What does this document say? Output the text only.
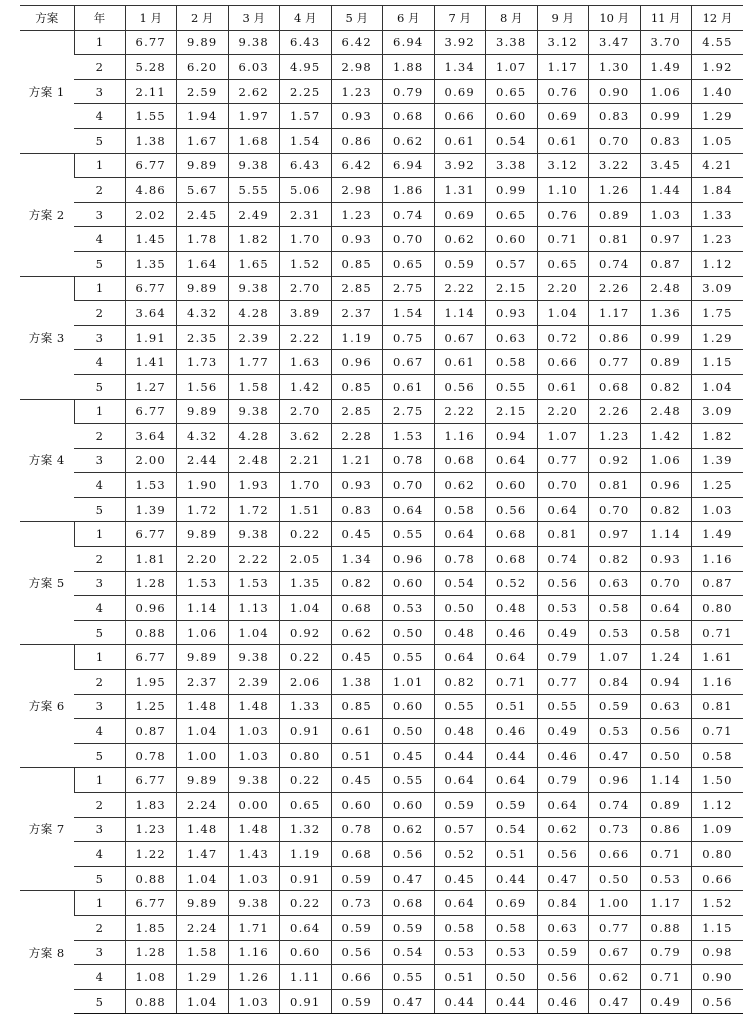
方案	年	1 月	2 月	3 月	4 月	5 月	6 月	7 月	8 月	9 月	10 月	11 月	12 月
方案 1	1	6.77	9.89	9.38	6.43	6.42	6.94	3.92	3.38	3.12	3.47	3.70	4.55
	2	5.28	6.20	6.03	4.95	2.98	1.88	1.34	1.07	1.17	1.30	1.49	1.92
	3	2.11	2.59	2.62	2.25	1.23	0.79	0.69	0.65	0.76	0.90	1.06	1.40
	4	1.55	1.94	1.97	1.57	0.93	0.68	0.66	0.60	0.69	0.83	0.99	1.29
	5	1.38	1.67	1.68	1.54	0.86	0.62	0.61	0.54	0.61	0.70	0.83	1.05
方案 2	1	6.77	9.89	9.38	6.43	6.42	6.94	3.92	3.38	3.12	3.22	3.45	4.21
	2	4.86	5.67	5.55	5.06	2.98	1.86	1.31	0.99	1.10	1.26	1.44	1.84
	3	2.02	2.45	2.49	2.31	1.23	0.74	0.69	0.65	0.76	0.89	1.03	1.33
	4	1.45	1.78	1.82	1.70	0.93	0.70	0.62	0.60	0.71	0.81	0.97	1.23
	5	1.35	1.64	1.65	1.52	0.85	0.65	0.59	0.57	0.65	0.74	0.87	1.12
方案 3	1	6.77	9.89	9.38	2.70	2.85	2.75	2.22	2.15	2.20	2.26	2.48	3.09
	2	3.64	4.32	4.28	3.89	2.37	1.54	1.14	0.93	1.04	1.17	1.36	1.75
	3	1.91	2.35	2.39	2.22	1.19	0.75	0.67	0.63	0.72	0.86	0.99	1.29
	4	1.41	1.73	1.77	1.63	0.96	0.67	0.61	0.58	0.66	0.77	0.89	1.15
	5	1.27	1.56	1.58	1.42	0.85	0.61	0.56	0.55	0.61	0.68	0.82	1.04
方案 4	1	6.77	9.89	9.38	2.70	2.85	2.75	2.22	2.15	2.20	2.26	2.48	3.09
	2	3.64	4.32	4.28	3.62	2.28	1.53	1.16	0.94	1.07	1.23	1.42	1.82
	3	2.00	2.44	2.48	2.21	1.21	0.78	0.68	0.64	0.77	0.92	1.06	1.39
	4	1.53	1.90	1.93	1.70	0.93	0.70	0.62	0.60	0.70	0.81	0.96	1.25
	5	1.39	1.72	1.72	1.51	0.83	0.64	0.58	0.56	0.64	0.70	0.82	1.03
方案 5	1	6.77	9.89	9.38	0.22	0.45	0.55	0.64	0.68	0.81	0.97	1.14	1.49
	2	1.81	2.20	2.22	2.05	1.34	0.96	0.78	0.68	0.74	0.82	0.93	1.16
	3	1.28	1.53	1.53	1.35	0.82	0.60	0.54	0.52	0.56	0.63	0.70	0.87
	4	0.96	1.14	1.13	1.04	0.68	0.53	0.50	0.48	0.53	0.58	0.64	0.80
	5	0.88	1.06	1.04	0.92	0.62	0.50	0.48	0.46	0.49	0.53	0.58	0.71
方案 6	1	6.77	9.89	9.38	0.22	0.45	0.55	0.64	0.64	0.79	1.07	1.24	1.61
	2	1.95	2.37	2.39	2.06	1.38	1.01	0.82	0.71	0.77	0.84	0.94	1.16
	3	1.25	1.48	1.48	1.33	0.85	0.60	0.55	0.51	0.55	0.59	0.63	0.81
	4	0.87	1.04	1.03	0.91	0.61	0.50	0.48	0.46	0.49	0.53	0.56	0.71
	5	0.78	1.00	1.03	0.80	0.51	0.45	0.44	0.44	0.46	0.47	0.50	0.58
方案 7	1	6.77	9.89	9.38	0.22	0.45	0.55	0.64	0.64	0.79	0.96	1.14	1.50
	2	1.83	2.24	0.00	0.65	0.60	0.60	0.59	0.59	0.64	0.74	0.89	1.12
	3	1.23	1.48	1.48	1.32	0.78	0.62	0.57	0.54	0.62	0.73	0.86	1.09
	4	1.22	1.47	1.43	1.19	0.68	0.56	0.52	0.51	0.56	0.66	0.71	0.80
	5	0.88	1.04	1.03	0.91	0.59	0.47	0.45	0.44	0.47	0.50	0.53	0.66
方案 8	1	6.77	9.89	9.38	0.22	0.73	0.68	0.64	0.69	0.84	1.00	1.17	1.52
	2	1.85	2.24	1.71	0.64	0.59	0.59	0.58	0.58	0.63	0.77	0.88	1.15
	3	1.28	1.58	1.16	0.60	0.56	0.54	0.53	0.53	0.59	0.67	0.79	0.98
	4	1.08	1.29	1.26	1.11	0.66	0.55	0.51	0.50	0.56	0.62	0.71	0.90
	5	0.88	1.04	1.03	0.91	0.59	0.47	0.44	0.44	0.46	0.47	0.49	0.56
